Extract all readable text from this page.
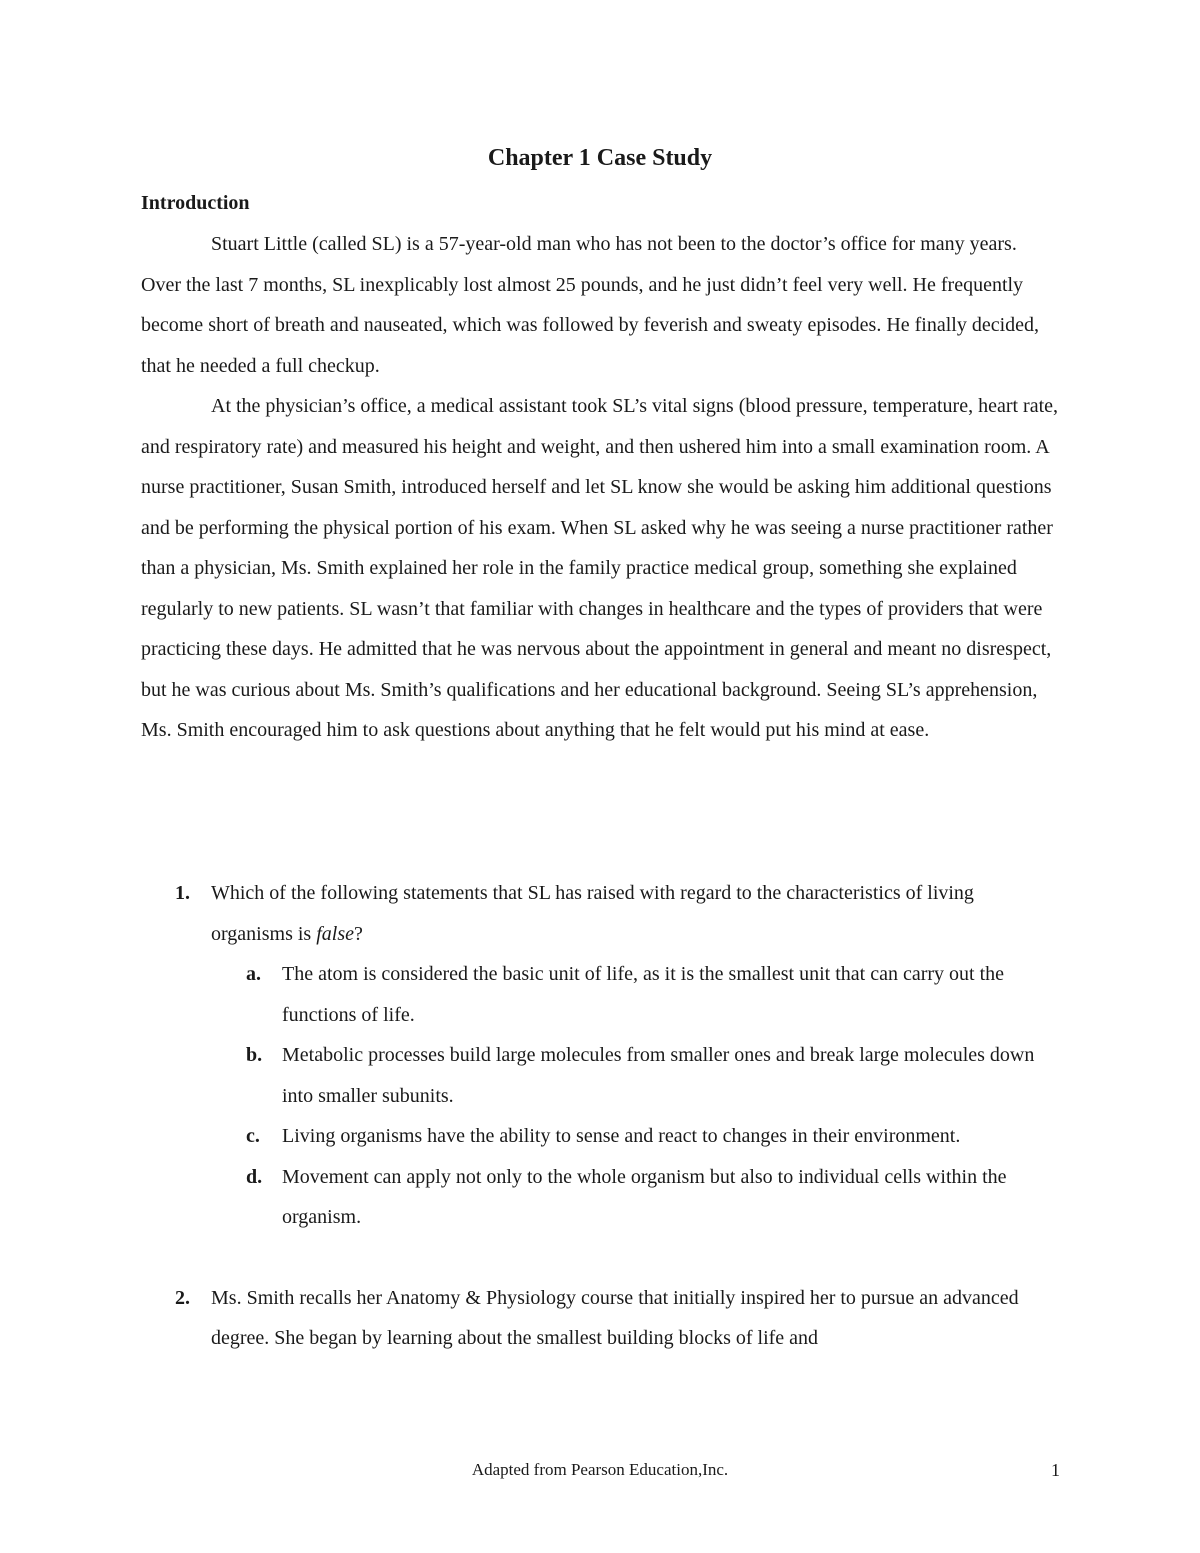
Chapter 1 Case Study
Introduction

Stuart Little (called SL) is a 57-year-old man who has not been to the doctor’s office for many years. Over the last 7 months, SL inexplicably lost almost 25 pounds, and he just didn’t feel very well. He frequently become short of breath and nauseated, which was followed by feverish and sweaty episodes. He finally decided, that he needed a full checkup.

At the physician’s office, a medical assistant took SL’s vital signs (blood pressure, temperature, heart rate, and respiratory rate) and measured his height and weight, and then ushered him into a small examination room. A nurse practitioner, Susan Smith, introduced herself and let SL know she would be asking him additional questions and be performing the physical portion of his exam. When SL asked why he was seeing a nurse practitioner rather than a physician, Ms. Smith explained her role in the family practice medical group, something she explained regularly to new patients. SL wasn’t that familiar with changes in healthcare and the types of providers that were practicing these days. He admitted that he was nervous about the appointment in general and meant no disrespect, but he was curious about Ms. Smith’s qualifications and her educational background. Seeing SL’s apprehension, Ms. Smith encouraged him to ask questions about anything that he felt would put his mind at ease.

1. Which of the following statements that SL has raised with regard to the characteristics of living organisms is false?
a. The atom is considered the basic unit of life, as it is the smallest unit that can carry out the functions of life.
b. Metabolic processes build large molecules from smaller ones and break large molecules down into smaller subunits.
c. Living organisms have the ability to sense and react to changes in their environment.
d. Movement can apply not only to the whole organism but also to individual cells within the organism.
2. Ms. Smith recalls her Anatomy & Physiology course that initially inspired her to pursue an advanced degree. She began by learning about the smallest building blocks of life and
Adapted from Pearson Education,Inc.	1
